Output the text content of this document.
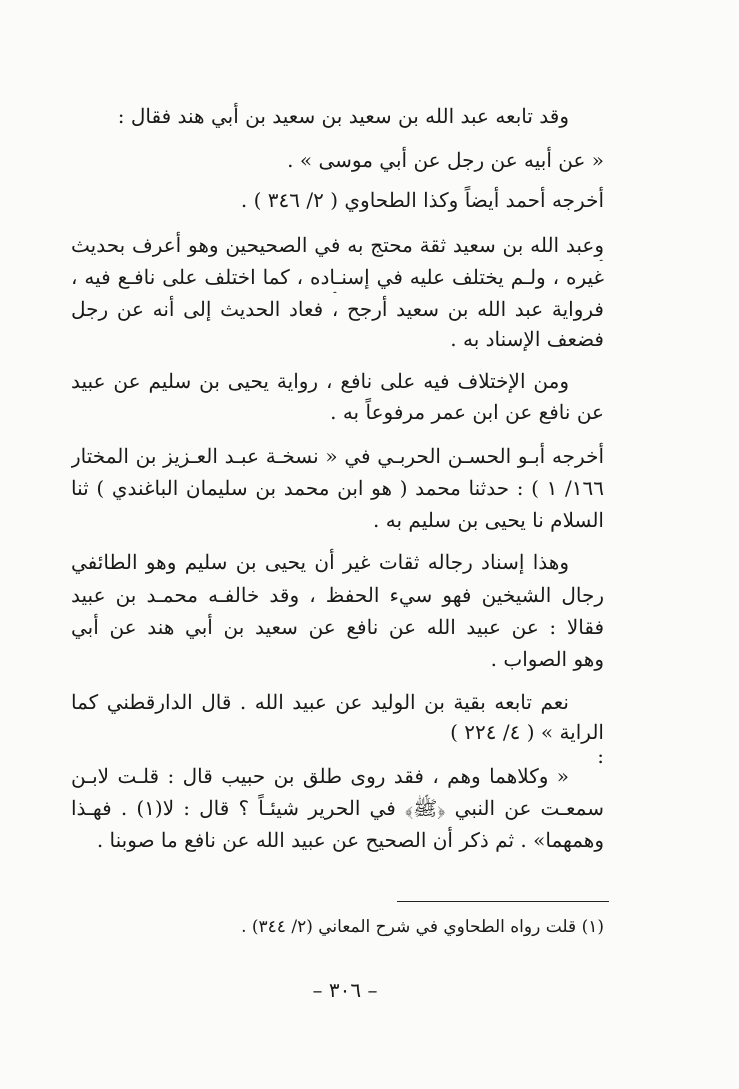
وقد تابعه عبد الله بن سعيد بن سعيد بن أبي هند فقال :
« عن أبيه عن رجل عن أبي موسى » .
أخرجه أحمد أيضاً وكذا الطحاوي ( ٢/ ٣٤٦ ) .
وعبد الله بن سعيد ثقة محتج به في الصحيحين وهو أعرف بحديث
غيره ، ولـم يختلف عليه في إسنـاده ، كما اختلف على نافـع فيه ،
فرواية عبد الله بن سعيد أرجح ، فعاد الحديث إلى أنه عن رجل
فضعف الإسناد به .
ومن الإختلاف فيه على نافع ، رواية يحيى بن سليم عن عبيد
عن نافع عن ابن عمر مرفوعاً به .
أخرجه أبـو الحسـن الحربـي في « نسخـة عبـد العـزيز بن المختار
١٦٦/ ١ ) : حدثنا محمد ( هو ابن محمد بن سليمان الباغندي ) ثنا
السلام نا يحيى بن سليم به .
وهذا إسناد رجاله ثقات غير أن يحيى بن سليم وهو الطائفي
رجال الشيخين فهو سيء الحفظ ، وقد خالفـه محمـد بن عبيد
فقالا : عن عبيد الله عن نافع عن سعيد بن أبي هند عن أبي
وهو الصواب .
نعم تابعه بقية بن الوليد عن عبيد الله . قال الدارقطني كما
الراية » ( ٤/ ٢٢٤ )
:
« وكلاهما وهم ، فقد روى طلق بن حبيب قال : قلـت لابـن
سمعـت عن النبي ﴿ﷺ﴾ في الحرير شيئـاً ؟ قال : لا(١) . فهـذا
وهمهما» . ثم ذكر أن الصحيح عن عبيد الله عن نافع ما صوبنا .
(١) قلت رواه الطحاوي في شرح المعاني (٢/ ٣٤٤) .
– ٣٠٦ –
